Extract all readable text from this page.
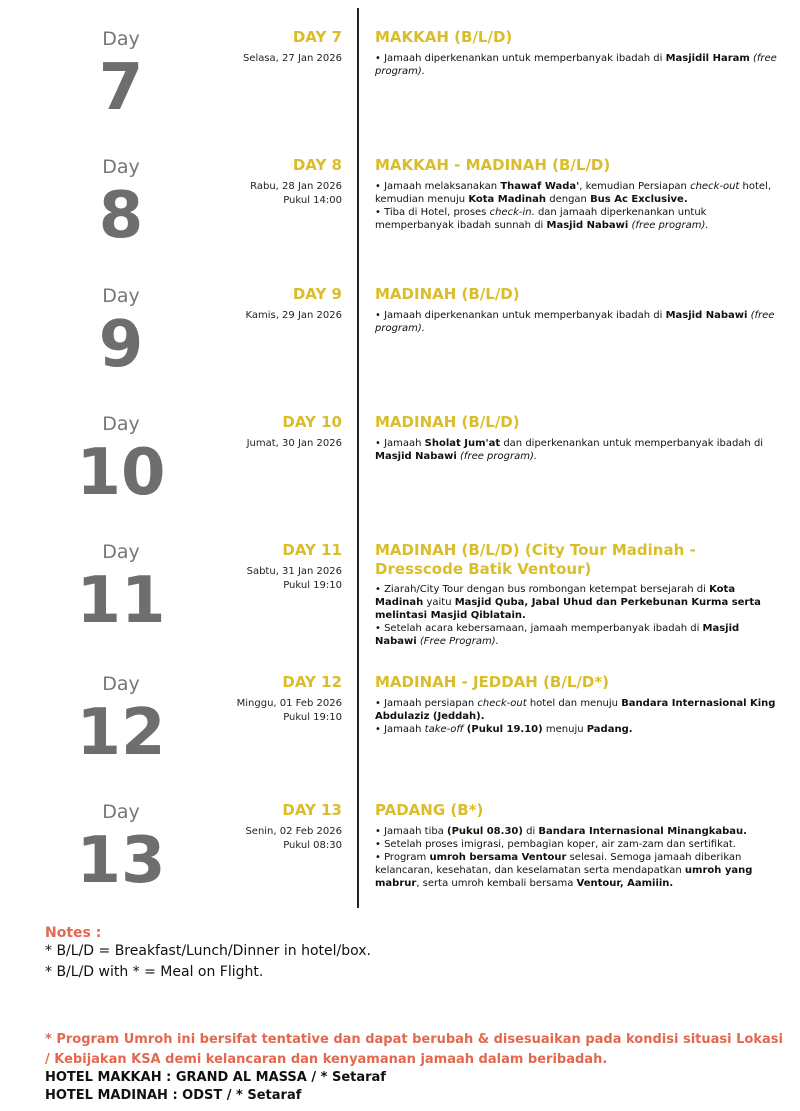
Day
7
DAY 7
Selasa, 27 Jan 2026
MAKKAH (B/L/D)
• Jamaah diperkenankan untuk memperbanyak ibadah di Masjidil Haram (free program).
Day
8
DAY 8
Rabu, 28 Jan 2026
Pukul 14:00
MAKKAH - MADINAH (B/L/D)
• Jamaah melaksanakan Thawaf Wada', kemudian Persiapan check-out hotel, kemudian menuju Kota Madinah dengan Bus Ac Exclusive.
• Tiba di Hotel, proses check-in. dan jamaah diperkenankan untuk memperbanyak ibadah sunnah di Masjid Nabawi (free program).
Day
9
DAY 9
Kamis, 29 Jan 2026
MADINAH (B/L/D)
• Jamaah diperkenankan untuk memperbanyak ibadah di Masjid Nabawi (free program).
Day
10
DAY 10
Jumat, 30 Jan 2026
MADINAH (B/L/D)
• Jamaah Sholat Jum'at dan diperkenankan untuk memperbanyak ibadah di Masjid Nabawi (free program).
Day
11
DAY 11
Sabtu, 31 Jan 2026
Pukul 19:10
MADINAH (B/L/D) (City Tour Madinah - Dresscode Batik Ventour)
• Ziarah/City Tour dengan bus rombongan ketempat bersejarah di Kota Madinah yaitu Masjid Quba, Jabal Uhud dan Perkebunan Kurma serta melintasi Masjid Qiblatain.
• Setelah acara kebersamaan, jamaah memperbanyak ibadah di Masjid Nabawi (Free Program).
Day
12
DAY 12
Minggu, 01 Feb 2026
Pukul 19:10
MADINAH - JEDDAH (B/L/D*)
• Jamaah persiapan check-out hotel dan menuju Bandara Internasional King Abdulaziz (Jeddah).
• Jamaah take-off (Pukul 19.10) menuju Padang.
Day
13
DAY 13
Senin, 02 Feb 2026
Pukul 08:30
PADANG (B*)
• Jamaah tiba (Pukul 08.30) di Bandara Internasional Minangkabau.
• Setelah proses imigrasi, pembagian koper, air zam-zam dan sertifikat.
• Program umroh bersama Ventour selesai. Semoga jamaah diberikan kelancaran, kesehatan, dan keselamatan serta mendapatkan umroh yang mabrur, serta umroh kembali bersama Ventour, Aamiiin.
Notes :
* B/L/D = Breakfast/Lunch/Dinner in hotel/box.
* B/L/D with * = Meal on Flight.
* Program Umroh ini bersifat tentative dan dapat berubah & disesuaikan pada kondisi situasi Lokasi / Kebijakan KSA demi kelancaran dan kenyamanan jamaah dalam beribadah.
HOTEL MAKKAH : GRAND AL MASSA / * Setaraf
HOTEL MADINAH : ODST / * Setaraf
